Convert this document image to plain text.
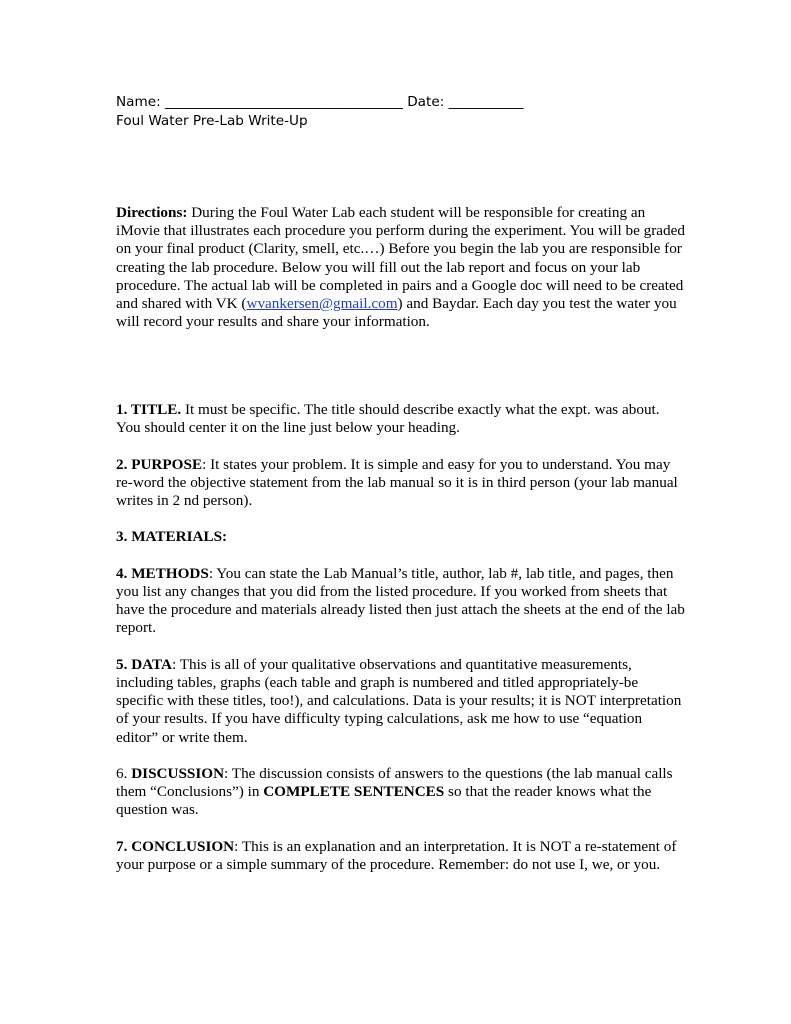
Name: ___________________________________ Date: ___________
Foul Water Pre-Lab Write-Up

Directions: During the Foul Water Lab each student will be responsible for creating an iMovie that illustrates each procedure you perform during the experiment. You will be graded on your final product (Clarity, smell, etc.…) Before you begin the lab you are responsible for creating the lab procedure. Below you will fill out the lab report and focus on your lab procedure. The actual lab will be completed in pairs and a Google doc will need to be created and shared with VK (wvankersen@gmail.com) and Baydar. Each day you test the water you will record your results and share your information.

1. TITLE. It must be specific. The title should describe exactly what the expt. was about. You should center it on the line just below your heading.

2. PURPOSE: It states your problem. It is simple and easy for you to understand. You may re-word the objective statement from the lab manual so it is in third person (your lab manual writes in 2 nd person).

3. MATERIALS:

4. METHODS: You can state the Lab Manual’s title, author, lab #, lab title, and pages, then you list any changes that you did from the listed procedure. If you worked from sheets that have the procedure and materials already listed then just attach the sheets at the end of the lab report.

5. DATA: This is all of your qualitative observations and quantitative measurements, including tables, graphs (each table and graph is numbered and titled appropriately-be specific with these titles, too!), and calculations. Data is your results; it is NOT interpretation of your results. If you have difficulty typing calculations, ask me how to use “equation editor” or write them.

6. DISCUSSION: The discussion consists of answers to the questions (the lab manual calls them “Conclusions”) in COMPLETE SENTENCES so that the reader knows what the question was.

7. CONCLUSION: This is an explanation and an interpretation. It is NOT a re-statement of your purpose or a simple summary of the procedure. Remember: do not use I, we, or you.
